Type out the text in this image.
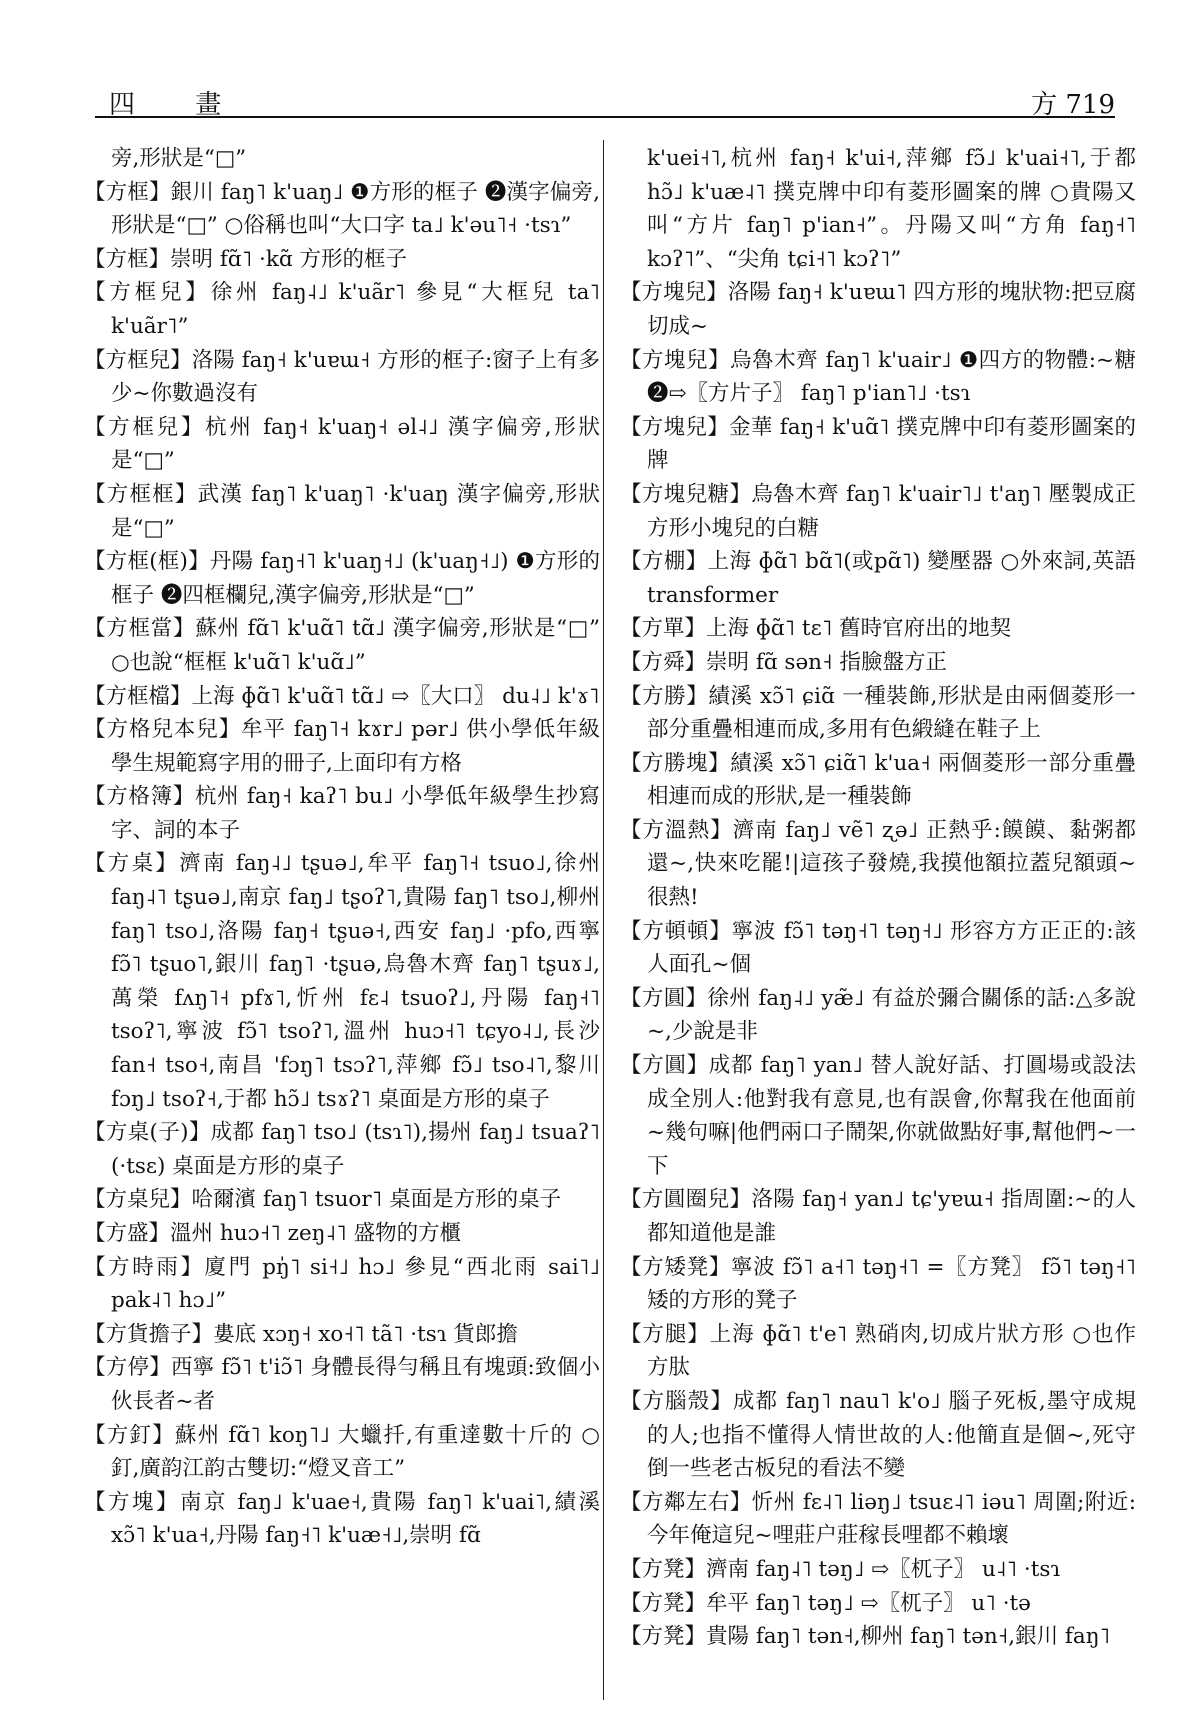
四 畫	方 719

旁,形狀是“□”

【方框】銀川 faŋ˥ k'uaŋ˩ ❶方形的框子 ❷漢字偏旁,形狀是“□” ○俗稱也叫“大口字 ta˩ k'əu˥˧ ·tsɿ”

【方框】崇明 fɑ̃˥ ·kɑ̃ 方形的框子

【方框兒】徐州 faŋ˨˩ k'uãr˥ 參見“大框兒 ta˥ k'uãr˥”

【方框兒】洛陽 faŋ˧ k'uɐɯ˧ 方形的框子:窗子上有多少~你數過沒有

【方框兒】杭州 faŋ˧ k'uaŋ˧ əl˨˩ 漢字偏旁,形狀是“□”

【方框框】武漢 faŋ˥ k'uaŋ˥ ·k'uaŋ 漢字偏旁,形狀是“□”

【方框(框)】丹陽 faŋ˧˥ k'uaŋ˧˩ (k'uaŋ˧˩) ❶方形的框子 ❷四框欄兒,漢字偏旁,形狀是“□”

【方框當】蘇州 fɑ̃˥ k'uɑ̃˥ tɑ̃˩ 漢字偏旁,形狀是“□” ○也說“框框 k'uɑ̃˥ k'uɑ̃˩”

【方框檔】上海 ɸɑ̃˥ k'uɑ̃˥ tɑ̃˩ ⇨〖大口〗 du˨˩ k'ɤ˥

【方格兒本兒】牟平 faŋ˥˧ kɤr˩ pər˩ 供小學低年級學生規範寫字用的冊子,上面印有方格

【方格簿】杭州 faŋ˧ kaʔ˥ bu˩ 小學低年級學生抄寫字、詞的本子

【方桌】濟南 faŋ˨˩ tʂuə˩,牟平 faŋ˥˧ tsuo˩,徐州 faŋ˨˥ tʂuə˩,南京 faŋ˩ tʂoʔ˥,貴陽 faŋ˥ tso˩,柳州 faŋ˥ tso˩,洛陽 faŋ˧ tʂuə˧,西安 faŋ˩ ·pfo,西寧 fɔ̃˥ tʂuo˥,銀川 faŋ˥ ·tʂuə,烏魯木齊 faŋ˥ tʂuɤ˩,萬榮 fʌŋ˥˧ pfɤ˥,忻州 fɛ˨ tsuoʔ˩,丹陽 faŋ˧˥ tsoʔ˥,寧波 fɔ̃˥ tsoʔ˥,溫州 huɔ˧˥ tɕyo˨˩,長沙 fan˧ tso˧,南昌 'fɔŋ˥ tsɔʔ˥,萍鄉 fɔ̃˩ tso˨˥,黎川 fɔŋ˩ tsoʔ˧,于都 hɔ̃˩ tsɤʔ˥ 桌面是方形的桌子

【方桌(子)】成都 faŋ˥ tso˩ (tsɿ˥),揚州 faŋ˩ tsuaʔ˥ (·tsɛ) 桌面是方形的桌子

【方桌兒】哈爾濱 faŋ˥ tsuor˥ 桌面是方形的桌子

【方盛】溫州 huɔ˧˥ zeŋ˨˥ 盛物的方櫃

【方時雨】廈門 pŋ̍˥ si˧˩ hɔ˩ 參見“西北雨 sai˥˩ pak˨˥ hɔ˩”

【方貨擔子】婁底 xɔŋ˧ xo˧˥ tã˥ ·tsɿ 貨郎擔

【方停】西寧 fɔ̃˥ t'iɔ̃˥ 身體長得勻稱且有塊頭:致個小伙長者~者

【方釘】蘇州 fɑ̃˥ koŋ˥˩ 大蠟扦,有重達數十斤的 ○釘,廣韵江韵古雙切:“燈叉音工”

【方塊】南京 faŋ˩ k'uae˧,貴陽 faŋ˥ k'uai˥,績溪 xɔ̃˥ k'ua˧,丹陽 faŋ˧˥ k'uæ˧˩,崇明 fɑ̃

k'uei˧˥,杭州 faŋ˧ k'ui˧,萍鄉 fɔ̃˩ k'uai˧˥,于都 hɔ̃˩ k'uæ˨˥ 撲克牌中印有菱形圖案的牌 ○貴陽又叫“方片 faŋ˥ p'ian˧”。丹陽又叫“方角 faŋ˧˥ kɔʔ˥”、“尖角 tɕi˧˥ kɔʔ˥”

【方塊兒】洛陽 faŋ˧ k'uɐɯ˥ 四方形的塊狀物:把豆腐切成~

【方塊兒】烏魯木齊 faŋ˥ k'uair˩ ❶四方的物體:~糖 ❷⇨〖方片子〗 faŋ˥ p'ian˥˩ ·tsɿ

【方塊兒】金華 faŋ˧ k'uɑ̃˥ 撲克牌中印有菱形圖案的牌

【方塊兒糖】烏魯木齊 faŋ˥ k'uair˥˩ t'aŋ˥ 壓製成正方形小塊兒的白糖

【方棚】上海 ɸɑ̃˥ bɑ̃˥(或pɑ̃˥) 變壓器 ○外來詞,英語 transformer

【方單】上海 ɸɑ̃˥ tɛ˥ 舊時官府出的地契

【方舜】崇明 fɑ̃ sən˧ 指臉盤方正

【方勝】績溪 xɔ̃˥ ɕiɑ̃ 一種裝飾,形狀是由兩個菱形一部分重疊相連而成,多用有色緞縫在鞋子上

【方勝塊】績溪 xɔ̃˥ ɕiɑ̃˥ k'ua˧ 兩個菱形一部分重疊相連而成的形狀,是一種裝飾

【方溫熱】濟南 faŋ˩ vẽ˥ ʐə˩ 正熱乎:饃饃、黏粥都還~,快來吃罷!|這孩子發燒,我摸他額拉蓋兒額頭~很熱!

【方頓頓】寧波 fɔ̃˥ təŋ˧˥ təŋ˧˩ 形容方方正正的:該人面孔~個

【方圓】徐州 faŋ˨˩ yæ̃˩ 有益於彌合關係的話:△多說~,少說是非

【方圓】成都 faŋ˥ yan˩ 替人說好話、打圓場或設法成全別人:他對我有意見,也有誤會,你幫我在他面前~幾句嘛|他們兩口子鬧架,你就做點好事,幫他們~一下

【方圓圈兒】洛陽 faŋ˧ yan˩ tɕ'yɐɯ˧ 指周圍:~的人都知道他是誰

【方矮凳】寧波 fɔ̃˥ a˧˥ təŋ˧˥ =〖方凳〗 fɔ̃˥ təŋ˧˥ 矮的方形的凳子

【方腿】上海 ɸɑ̃˥ t'e˥ 熟硝肉,切成片狀方形 ○也作方肽

【方腦殼】成都 faŋ˥ nau˥ k'o˩ 腦子死板,墨守成規的人;也指不懂得人情世故的人:他簡直是個~,死守倒一些老古板兒的看法不變

【方鄰左右】忻州 fɛ˨˥ liəŋ˩ tsuɛ˨˥ iəu˥ 周圍;附近:今年俺這兒~哩莊户莊稼長哩都不賴壞

【方凳】濟南 faŋ˨˥ təŋ˩ ⇨〖杌子〗 u˨˥ ·tsɿ

【方凳】牟平 faŋ˥ təŋ˩ ⇨〖杌子〗 u˥ ·tə

【方凳】貴陽 faŋ˥ tən˧,柳州 faŋ˥ tən˧,銀川 faŋ˥
